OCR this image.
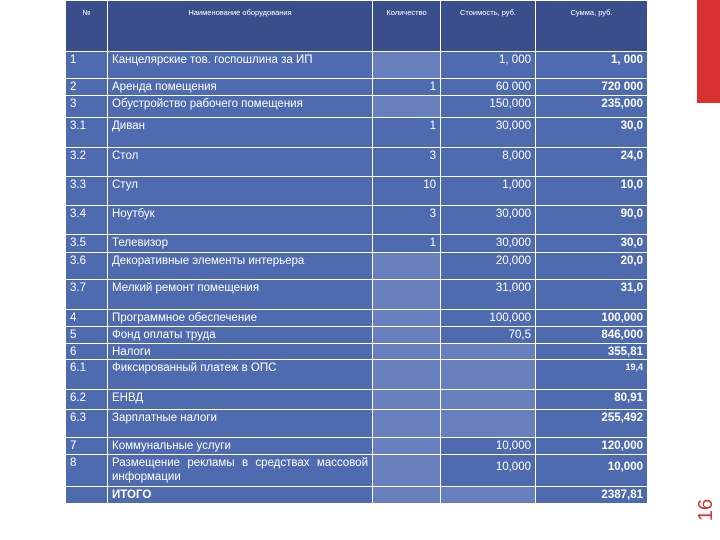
16
№	Наименование оборудования	Количество	Стоимость, руб.	Сумма, руб.
1	Канцелярские тов. госпошлина за ИП		1, 000	1, 000
2	Аренда помещения	1	60 000	720 000
3	Обустройство рабочего помещения		150,000	235,000
3.1	Диван	1	30,000	30,0
3.2	Стол	3	8,000	24,0
3.3	Стул	10	1,000	10,0
3.4	Ноутбук	3	30,000	90,0
3.5	Телевизор	1	30,000	30,0
3.6	Декоративные элементы интерьера		20,000	20,0
3.7	Мелкий ремонт помещения		31,000	31,0
4	Программное обеспечение		100,000	100,000
5	Фонд оплаты труда		70,5	846,000
6	Налоги			355,81
6.1	Фиксированный платеж в ОПС			19,4
6.2	ЕНВД			80,91
6.3	Зарплатные налоги			255,492
7	Коммунальные услуги		10,000	120,000
8	Размещение рекламы в средствах массовой информации		10,000	10,000
	ИТОГО			2387,81
